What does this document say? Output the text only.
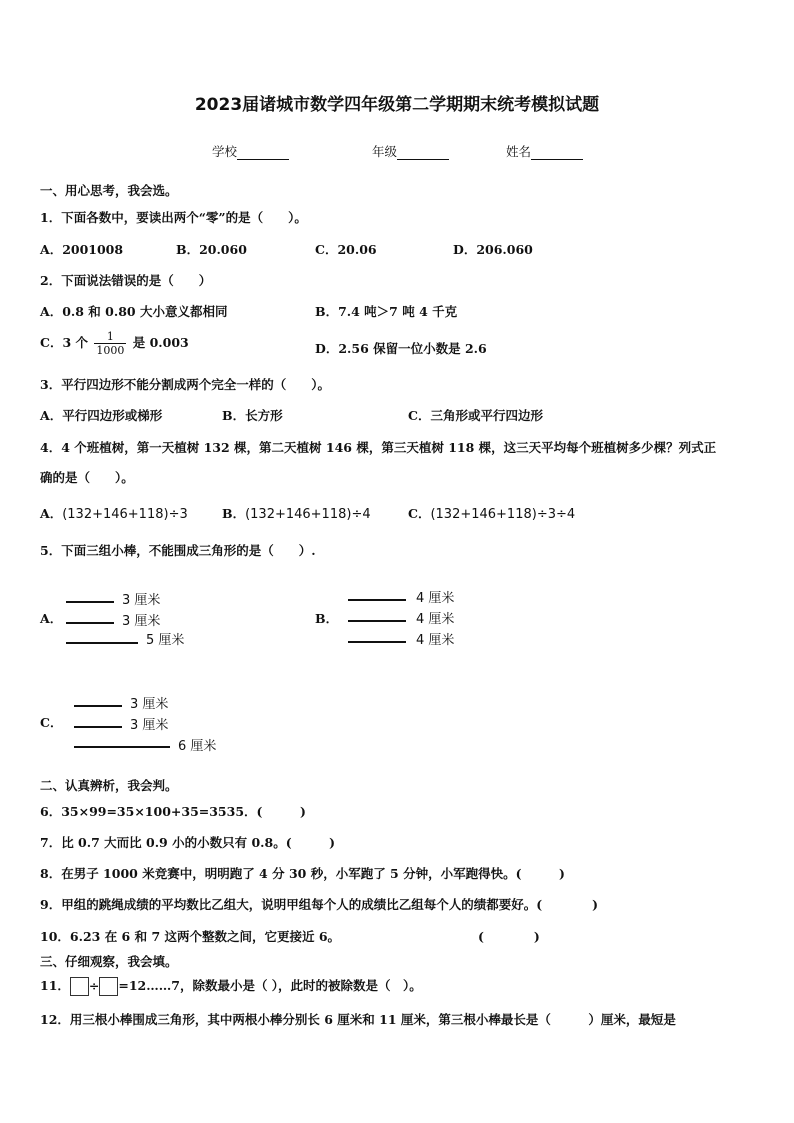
2023届诸城市数学四年级第二学期期末统考模拟试题
学校	年级	姓名
一、用心思考，我会选。
1．下面各数中，要读出两个“零”的是（　　）。
A．2001008	B．20.060	C．20.06	D．206.060
2．下面说法错误的是（　　）
A．0.8 和 0.80 大小意义都相同	B．7.4 吨＞7 吨 4 千克
C．3 个 $\frac{1}{1000}$ 是 0.003	D．2.56 保留一位小数是 2.6
3．平行四边形不能分割成两个完全一样的（　　）。
A．平行四边形或梯形	B．长方形	C．三角形或平行四边形
4．4 个班植树，第一天植树 132 棵，第二天植树 146 棵，第三天植树 118 棵，这三天平均每个班植树多少棵？列式正
确的是（　　）。
A．(132+146+118)÷3	B．(132+146+118)÷4	C．(132+146+118)÷3÷4
5．下面三组小棒，不能围成三角形的是（　　）.
A．
3 厘米
3 厘米
5 厘米
B．
4 厘米
4 厘米
4 厘米
C．
3 厘米
3 厘米
6 厘米
二、认真辨析，我会判。
6．35×99=35×100+35=3535．(　　　)
7．比 0.7 大而比 0.9 小的小数只有 0.8。(　　　)
8．在男子 1000 米竞赛中，明明跑了 4 分 30 秒，小军跑了 5 分钟，小军跑得快。(　　　)
9．甲组的跳绳成绩的平均数比乙组大，说明甲组每个人的成绩比乙组每个人的绩都要好。(　　　　)
10．6.23 在 6 和 7 这两个整数之间，它更接近 6。	(　　　　)
三、仔细观察，我会填。
11． ÷ =12……7，除数最小是（ ），此时的被除数是（　）。
12．用三根小棒围成三角形，其中两根小棒分别长 6 厘米和 11 厘米，第三根小棒最长是（　　　）厘米，最短是
